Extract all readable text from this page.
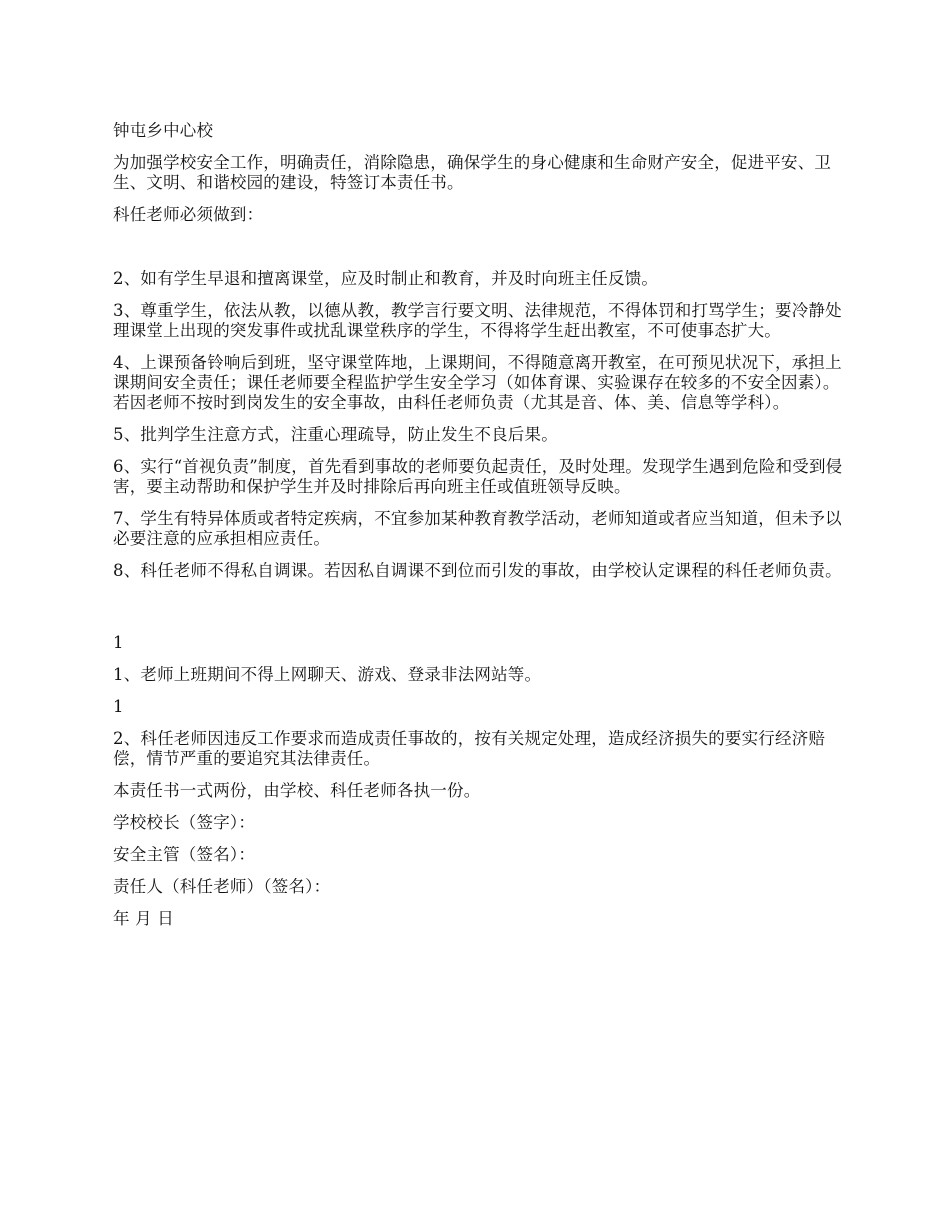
钟屯乡中心校

为加强学校安全工作，明确责任，消除隐患，确保学生的身心健康和生命财产安全，促进平安、卫生、文明、和谐校园的建设，特签订本责任书。

科任老师必须做到：

2、如有学生早退和擅离课堂，应及时制止和教育，并及时向班主任反馈。

3、尊重学生，依法从教，以德从教，教学言行要文明、法律规范，不得体罚和打骂学生；要冷静处理课堂上出现的突发事件或扰乱课堂秩序的学生，不得将学生赶出教室，不可使事态扩大。

4、上课预备铃响后到班，坚守课堂阵地，上课期间，不得随意离开教室，在可预见状况下，承担上课期间安全责任；课任老师要全程监护学生安全学习（如体育课、实验课存在较多的不安全因素）。若因老师不按时到岗发生的安全事故，由科任老师负责（尤其是音、体、美、信息等学科）。

5、批判学生注意方式，注重心理疏导，防止发生不良后果。

6、实行“首视负责”制度，首先看到事故的老师要负起责任，及时处理。发现学生遇到危险和受到侵害，要主动帮助和保护学生并及时排除后再向班主任或值班领导反映。

7、学生有特异体质或者特定疾病，不宜参加某种教育教学活动，老师知道或者应当知道，但未予以必要注意的应承担相应责任。

8、科任老师不得私自调课。若因私自调课不到位而引发的事故，由学校认定课程的科任老师负责。

1

1、老师上班期间不得上网聊天、游戏、登录非法网站等。

1

2、科任老师因违反工作要求而造成责任事故的，按有关规定处理，造成经济损失的要实行经济赔偿，情节严重的要追究其法律责任。

本责任书一式两份，由学校、科任老师各执一份。

学校校长（签字）：

安全主管（签名）：

责任人（科任老师）（签名）：

年 月 日
